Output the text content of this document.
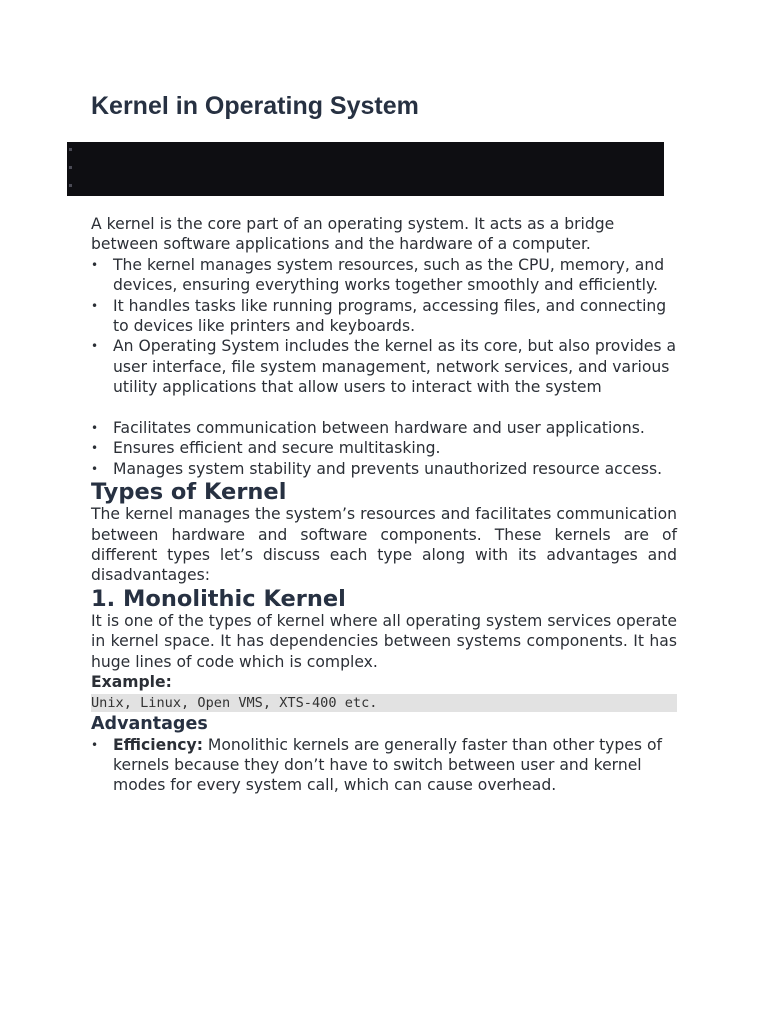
Kernel in Operating System

A kernel is the core part of an operating system. It acts as a bridge between software applications and the hardware of a computer.

• The kernel manages system resources, such as the CPU, memory, and devices, ensuring everything works together smoothly and efficiently.
• It handles tasks like running programs, accessing files, and connecting to devices like printers and keyboards.
• An Operating System includes the kernel as its core, but also provides a user interface, file system management, network services, and various utility applications that allow users to interact with the system
• Facilitates communication between hardware and user applications.
• Ensures efficient and secure multitasking.
• Manages system stability and prevents unauthorized resource access.
Types of Kernel

The kernel manages the system’s resources and facilitates communication between hardware and software components. These kernels are of different types let’s discuss each type along with its advantages and disadvantages:

1. Monolithic Kernel

It is one of the types of kernel where all operating system services operate in kernel space. It has dependencies between systems components. It has huge lines of code which is complex.

Example:

Unix, Linux, Open VMS, XTS-400 etc.
Advantages
• Efficiency: Monolithic kernels are generally faster than other types of kernels because they don’t have to switch between user and kernel modes for every system call, which can cause overhead.
